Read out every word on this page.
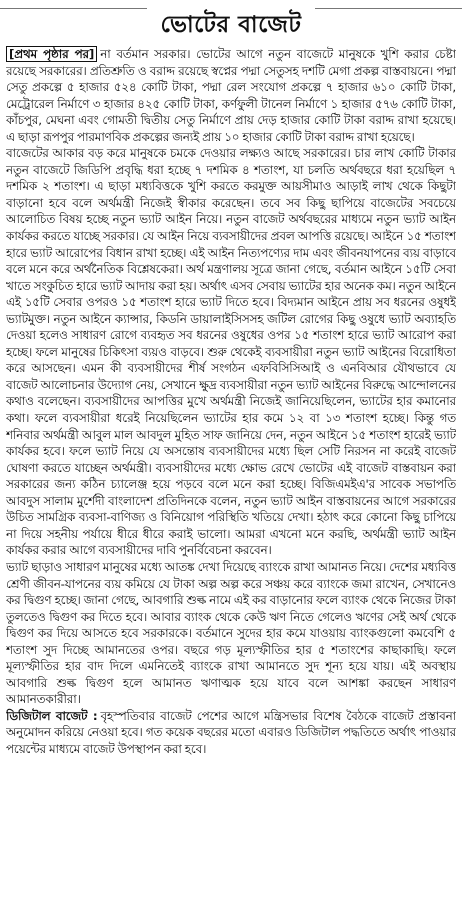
ভোটের বাজেট

[প্রথম পৃষ্ঠার পর] না বর্তমান সরকার। ভোটের আগে নতুন বাজেটে মানুষকে খুশি করার চেষ্টা রয়েছে সরকারের। প্রতিশ্রুতি ও বরাদ্দ রয়েছে স্বপ্নের পদ্মা সেতুসহ দশটি মেগা প্রকল্প বাস্তবায়নে। পদ্মা সেতু প্রকল্পে ৫ হাজার ৫২৪ কোটি টাকা, পদ্মা রেল সংযোগ প্রকল্পে ৭ হাজার ৬১০ কোটি টাকা, মেট্রোরেল নির্মাণে ৩ হাজার ৪২৫ কোটি টাকা, কর্ণফুলী টানেল নির্মাণে ১ হাজার ৫৭৬ কোটি টাকা, কাঁচপুর, মেঘনা এবং গোমতী দ্বিতীয় সেতু নির্মাণে প্রায় দেড় হাজার কোটি টাকা বরাদ্দ রাখা হয়েছে। এ ছাড়া রূপপুর পারমাণবিক প্রকল্পের জন্যই প্রায় ১০ হাজার কোটি টাকা বরাদ্দ রাখা হয়েছে।

বাজেটের আকার বড় করে মানুষকে চমকে দেওয়ার লক্ষ্যও আছে সরকারের। চার লাখ কোটি টাকার নতুন বাজেটে জিডিপি প্রবৃদ্ধি ধরা হচ্ছে ৭ দশমিক ৪ শতাংশ, যা চলতি অর্থবছরে ধরা হয়েছিল ৭ দশমিক ২ শতাংশ। এ ছাড়া মধ্যবিত্তকে খুশি করতে করমুক্ত আয়সীমাও আড়াই লাখ থেকে কিছুটা বাড়ানো হবে বলে অর্থমন্ত্রী নিজেই স্বীকার করেছেন। তবে সব কিছু ছাপিয়ে বাজেটের সবচেয়ে আলোচিত বিষয় হচ্ছে নতুন ভ্যাট আইন নিয়ে। নতুন বাজেট অর্থবছরের মাধ্যমে নতুন ভ্যাট আইন কার্যকর করতে যাচ্ছে সরকার। যে আইন নিয়ে ব্যবসায়ীদের প্রবল আপত্তি রয়েছে। আইনে ১৫ শতাংশ হারে ভ্যাট আরোপের বিধান রাখা হচ্ছে। এই আইন নিত্যপণ্যের দাম এবং জীবনযাপনের ব্যয় বাড়াবে বলে মনে করে অর্থনৈতিক বিশ্লেষকেরা। অর্থ মন্ত্রণালয় সূত্রে জানা গেছে, বর্তমান আইনে ১৫টি সেবা খাতে সংকুচিত হারে ভ্যাট আদায় করা হয়। অর্থাৎ এসব সেবায় ভ্যাটের হার অনেক কম। নতুন আইনে এই ১৫টি সেবার ওপরও ১৫ শতাংশ হারে ভ্যাট দিতে হবে। বিদ্যমান আইনে প্রায় সব ধরনের ওষুধই ভ্যাটমুক্ত। নতুন আইনে ক্যান্সার, কিডনি ডায়ালাইসিসসহ জটিল রোগের কিছু ওষুধে ভ্যাট অব্যাহতি দেওয়া হলেও সাধারণ রোগে ব্যবহৃত সব ধরনের ওষুধের ওপর ১৫ শতাংশ হারে ভ্যাট আরোপ করা হচ্ছে। ফলে মানুষের চিকিৎসা ব্যয়ও বাড়বে। শুরু থেকেই ব্যবসায়ীরা নতুন ভ্যাট আইনের বিরোধিতা করে আসছেন। এমন কী ব্যবসায়ীদের শীর্ষ সংগঠন এফবিসিসিআই ও এনবিআর যৌথভাবে যে বাজেট আলোচনার উদ্যোগ নেয়, সেখানে ক্ষুদ্র ব্যবসায়ীরা নতুন ভ্যাট আইনের বিরুদ্ধে আন্দোলনের কথাও বলেছেন। ব্যবসায়ীদের আপত্তির মুখে অর্থমন্ত্রী নিজেই জানিয়েছিলেন, ভ্যাটের হার কমানোর কথা। ফলে ব্যবসায়ীরা ধরেই নিয়েছিলেন ভ্যাটের হার কমে ১২ বা ১৩ শতাংশ হচ্ছে। কিন্তু গত শনিবার অর্থমন্ত্রী আবুল মাল আবদুল মুহিত সাফ জানিয়ে দেন, নতুন আইনে ১৫ শতাংশ হারেই ভ্যাট কার্যকর হবে। ফলে ভ্যাট নিয়ে যে অসন্তোষ ব্যবসায়ীদের মধ্যে ছিল সেটি নিরসন না করেই বাজেট ঘোষণা করতে যাচ্ছেন অর্থমন্ত্রী। ব্যবসায়ীদের মধ্যে ক্ষোভ রেখে ভোটের এই বাজেট বাস্তবায়ন করা সরকারের জন্য কঠিন চ্যালেঞ্জ হয়ে পড়বে বলে মনে করা হচ্ছে। বিজিএমইএ'র সাবেক সভাপতি আবদুস সালাম মুর্শেদী বাংলাদেশ প্রতিদিনকে বলেন, নতুন ভ্যাট আইন বাস্তবায়নের আগে সরকারের উচিত সামগ্রিক ব্যবসা-বাণিজ্য ও বিনিয়োগ পরিস্থিতি খতিয়ে দেখা। হঠাৎ করে কোনো কিছু চাপিয়ে না দিয়ে সহনীয় পর্যায়ে ধীরে ধীরে করাই ভালো। আমরা এখনো মনে করছি, অর্থমন্ত্রী ভ্যাট আইন কার্যকর করার আগে ব্যবসায়ীদের দাবি পুনর্বিবেচনা করবেন।

ভ্যাট ছাড়াও সাধারণ মানুষের মধ্যে আতঙ্ক দেখা দিয়েছে ব্যাংকে রাখা আমানত নিয়ে। দেশের মধ্যবিত্ত শ্রেণী জীবন-যাপনের ব্যয় কমিয়ে যে টাকা অল্প অল্প করে সঞ্চয় করে ব্যাংকে জমা রাখেন, সেখানেও কর দ্বিগুণ হচ্ছে। জানা গেছে, আবগারি শুল্ক নামে এই কর বাড়ানোর ফলে ব্যাংক থেকে নিজের টাকা তুলতেও দ্বিগুণ কর দিতে হবে। আবার ব্যাংক থেকে কেউ ঋণ নিতে গেলেও ঋণের সেই অর্থ থেকে দ্বিগুণ কর দিয়ে আসতে হবে সরকারকে। বর্তমানে সুদের হার কমে যাওয়ায় ব্যাংকগুলো কমবেশি ৫ শতাংশ সুদ দিচ্ছে আমানতের ওপর। বছরে গড় মূল্যস্ফীতির হার ৫ শতাংশের কাছাকাছি। ফলে মূল্যস্ফীতির হার বাদ দিলে এমনিতেই ব্যাংকে রাখা আমানতে সুদ শূন্য হয়ে যায়। এই অবস্থায় আবগারি শুল্ক দ্বিগুণ হলে আমানত ঋণাত্মক হয়ে যাবে বলে আশঙ্কা করছেন সাধারণ আমানতকারীরা।

ডিজিটাল বাজেট : বৃহস্পতিবার বাজেট পেশের আগে মন্ত্রিসভার বিশেষ বৈঠকে বাজেট প্রস্তাবনা অনুমোদন করিয়ে নেওয়া হবে। গত কয়েক বছরের মতো এবারও ডিজিটাল পদ্ধতিতে অর্থাৎ পাওয়ার পয়েন্টের মাধ্যমে বাজেট উপস্থাপন করা হবে।
